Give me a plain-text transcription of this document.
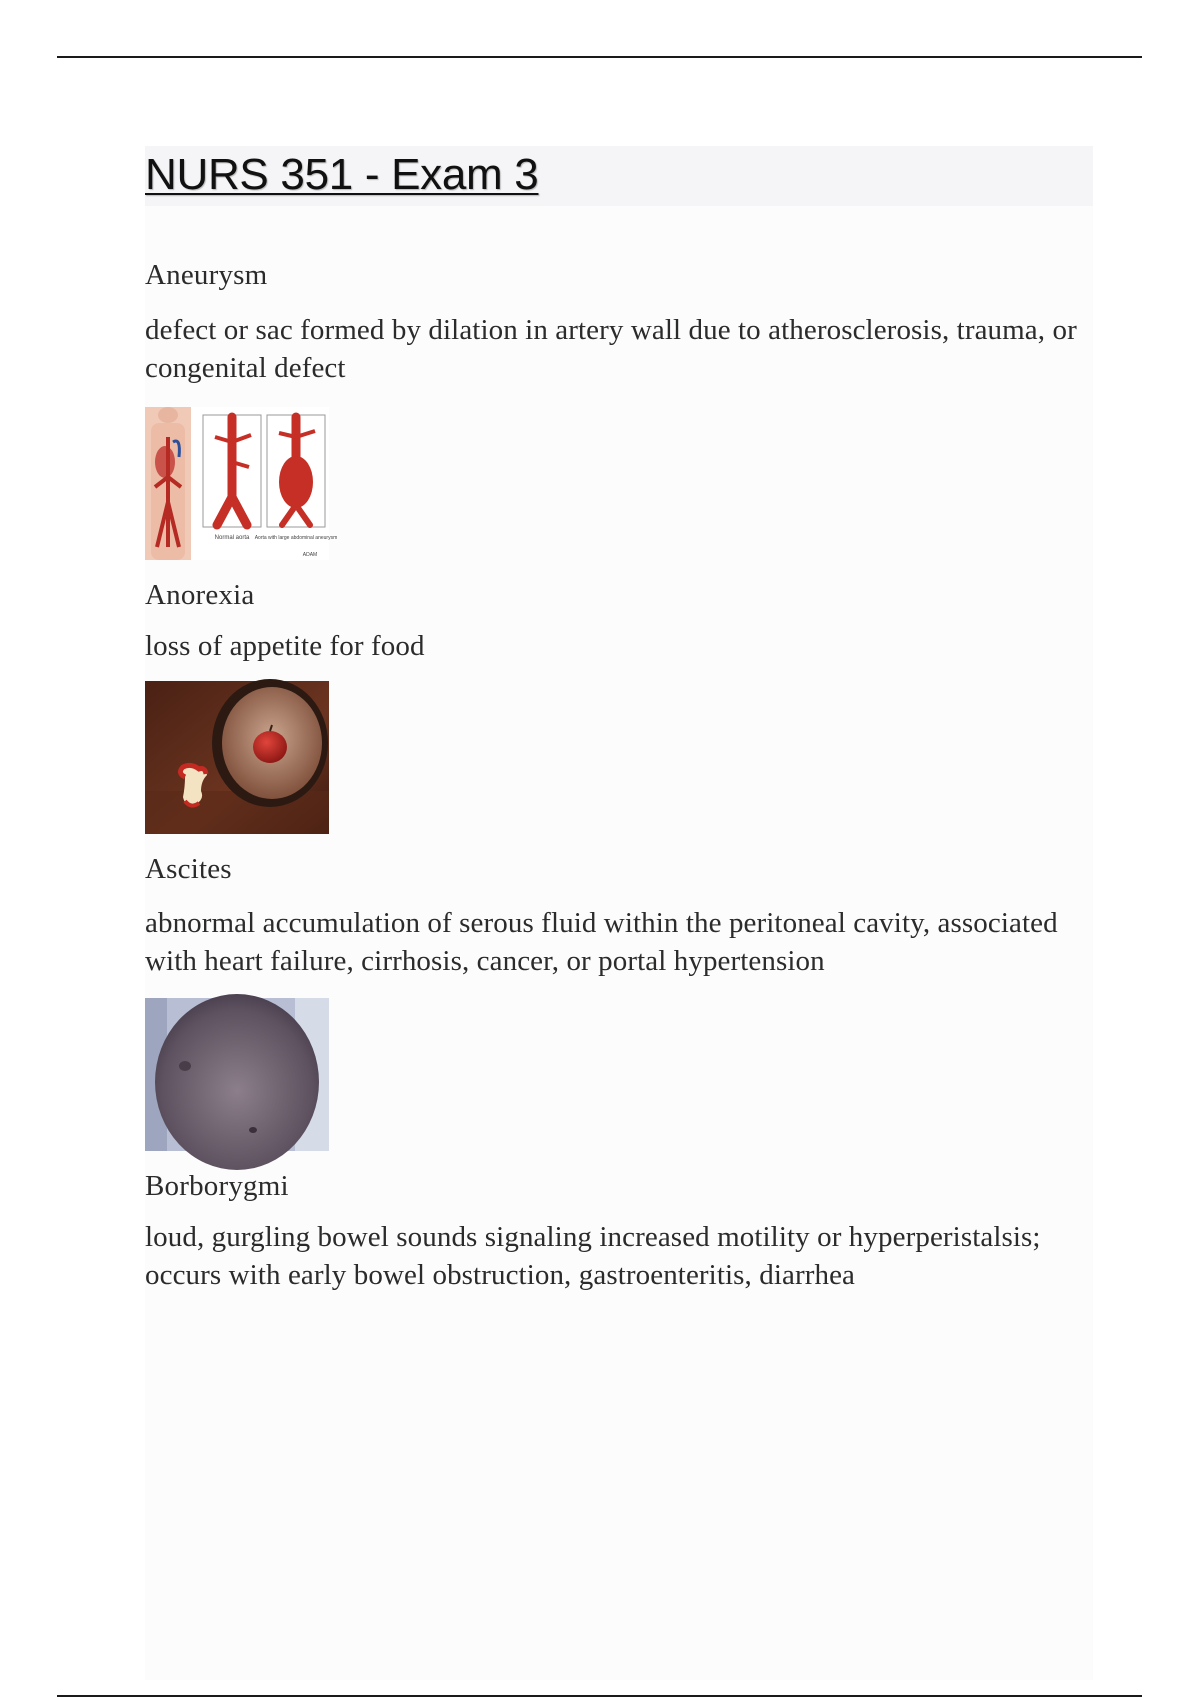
NURS 351 - Exam 3

Aneurysm

defect or sac formed by dilation in artery wall due to atherosclerosis, trauma, or congenital defect

Normal aorta Aorta with large abdominal aneurysm
ADAM

Anorexia

loss of appetite for food

Ascites

abnormal accumulation of serous fluid within the peritoneal cavity, associated with heart failure, cirrhosis, cancer, or portal hypertension

Borborygmi

loud, gurgling bowel sounds signaling increased motility or hyperperistalsis; occurs with early bowel obstruction, gastroenteritis, diarrhea
